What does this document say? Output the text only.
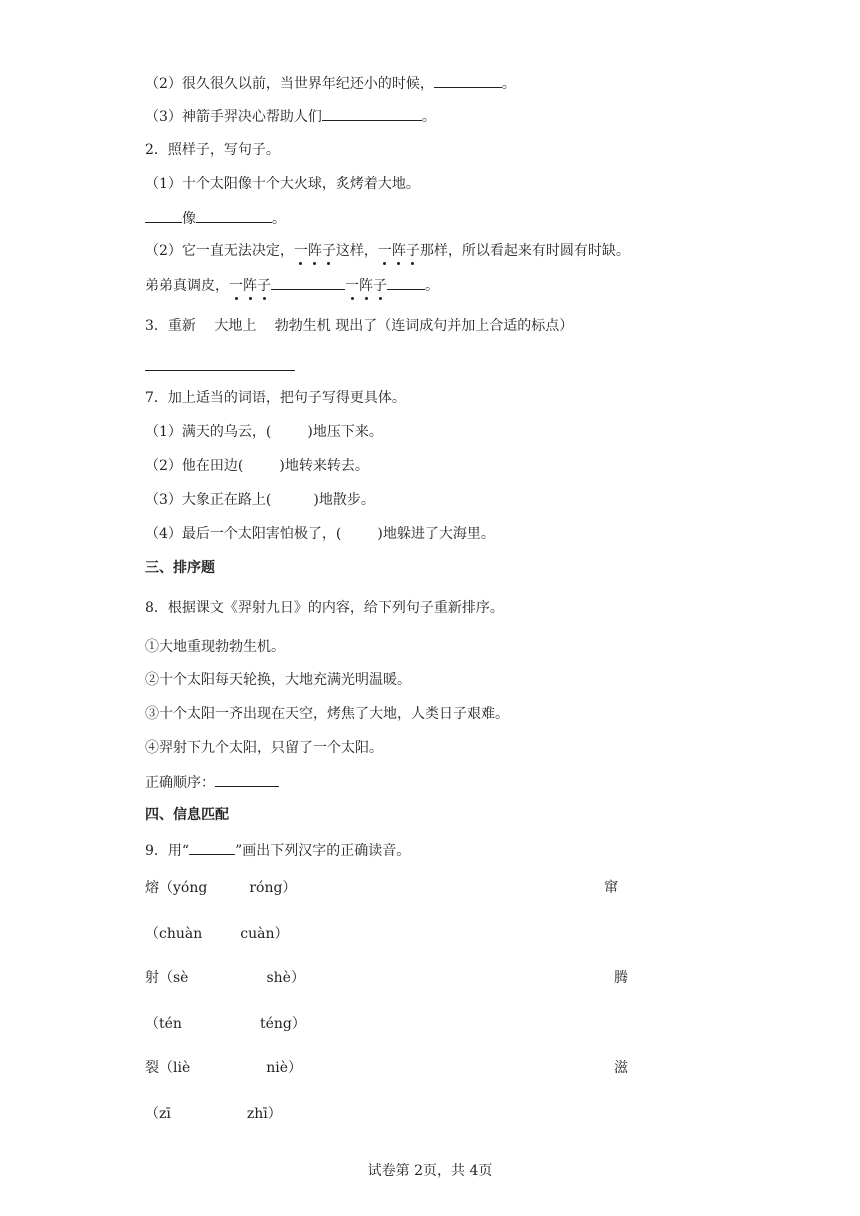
（2）很久很久以前，当世界年纪还小的时候，	。
（3）神箭手羿决心帮助人们	。
2．照样子，写句子。
（1）十个太阳像十个大火球，炙烤着大地。
像	。
（2）它一直无法决定，一阵子这样，一阵子那样，所以看起来有时圆有时缺。
弟弟真调皮，一阵子	一阵子	。
3．重新　 大地上　 勃勃生机 现出了（连词成句并加上合适的标点）
7．加上适当的词语，把句子写得更具体。
（1）满天的乌云，(	)地压下来。
（2）他在田边(	)地转来转去。
（3）大象正在路上(	)地散步。
（4）最后一个太阳害怕极了，(	)地躲进了大海里。
三、排序题
8．根据课文《羿射九日》的内容，给下列句子重新排序。
①大地重现勃勃生机。
②十个太阳每天轮换，大地充满光明温暖。
③十个太阳一齐出现在天空，烤焦了大地，人类日子艰难。
④羿射下九个太阳，只留了一个太阳。
正确顺序：
四、信息匹配
9．用“	”画出下列汉字的正确读音。
熔（yóng	róng）	窜
（chuàn	cuàn）
射（sè	shè）	腾
（tén	téng）
裂（liè	niè）	滋
（zī	zhī）
试卷第 2页，共 4页
